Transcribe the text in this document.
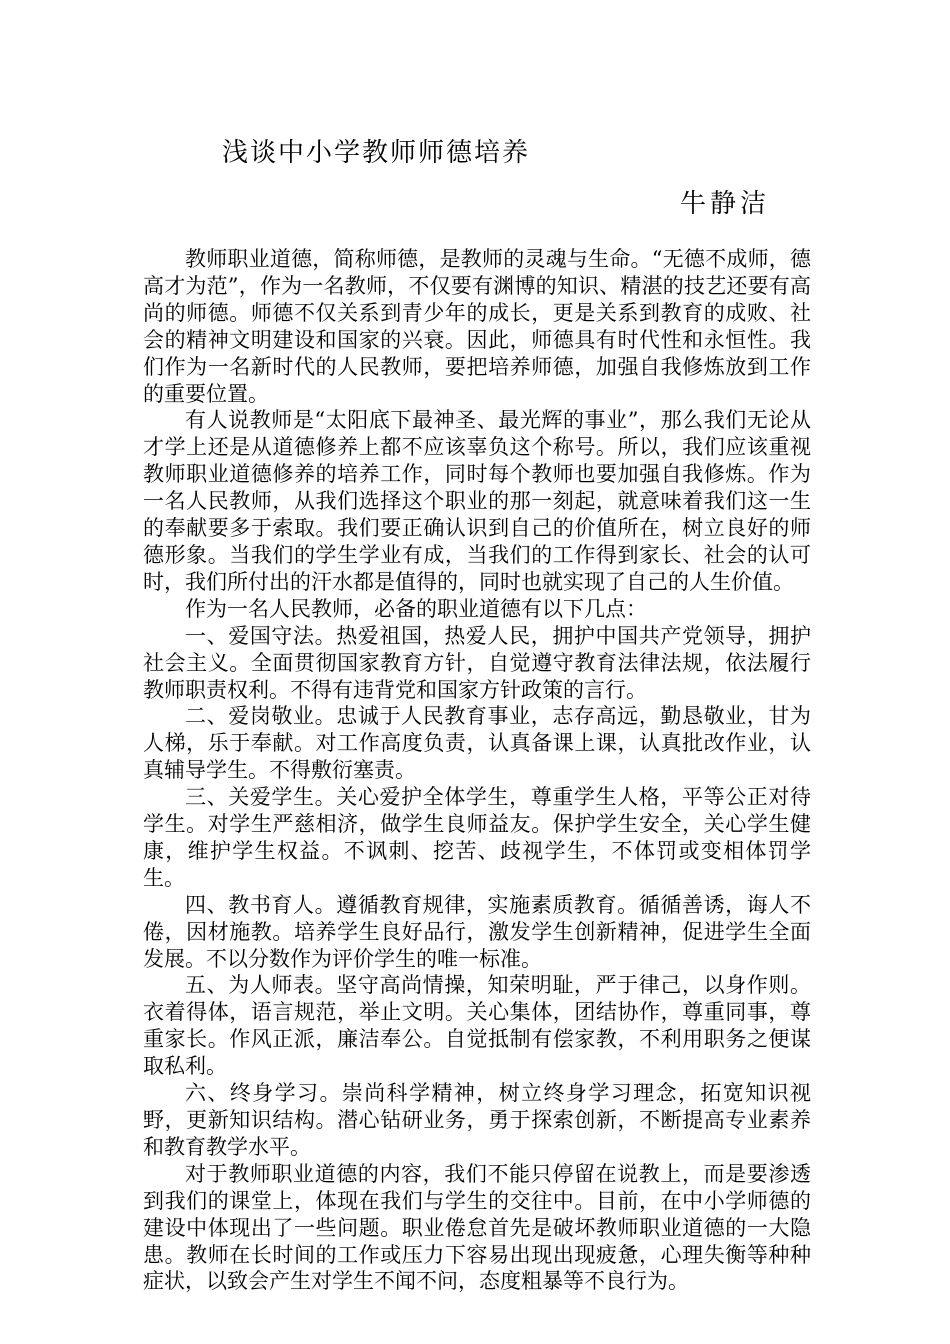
浅谈中小学教师师德培养
牛静洁

教师职业道德，简称师德，是教师的灵魂与生命。“无德不成师，德高才为范”，作为一名教师，不仅要有渊博的知识、精湛的技艺还要有高尚的师德。师德不仅关系到青少年的成长，更是关系到教育的成败、社会的精神文明建设和国家的兴衰。因此，师德具有时代性和永恒性。我们作为一名新时代的人民教师，要把培养师德，加强自我修炼放到工作的重要位置。

有人说教师是“太阳底下最神圣、最光辉的事业”，那么我们无论从才学上还是从道德修养上都不应该辜负这个称号。所以，我们应该重视教师职业道德修养的培养工作，同时每个教师也要加强自我修炼。作为一名人民教师，从我们选择这个职业的那一刻起，就意味着我们这一生的奉献要多于索取。我们要正确认识到自己的价值所在，树立良好的师德形象。当我们的学生学业有成，当我们的工作得到家长、社会的认可时，我们所付出的汗水都是值得的，同时也就实现了自己的人生价值。

作为一名人民教师，必备的职业道德有以下几点：

一、爱国守法。热爱祖国，热爱人民，拥护中国共产党领导，拥护社会主义。全面贯彻国家教育方针，自觉遵守教育法律法规，依法履行教师职责权利。不得有违背党和国家方针政策的言行。

二、爱岗敬业。忠诚于人民教育事业，志存高远，勤恳敬业，甘为人梯，乐于奉献。对工作高度负责，认真备课上课，认真批改作业，认真辅导学生。不得敷衍塞责。

三、关爱学生。关心爱护全体学生，尊重学生人格，平等公正对待学生。对学生严慈相济，做学生良师益友。保护学生安全，关心学生健康，维护学生权益。不讽刺、挖苦、歧视学生，不体罚或变相体罚学生。

四、教书育人。遵循教育规律，实施素质教育。循循善诱，诲人不倦，因材施教。培养学生良好品行，激发学生创新精神，促进学生全面发展。不以分数作为评价学生的唯一标准。

五、为人师表。坚守高尚情操，知荣明耻，严于律己，以身作则。衣着得体，语言规范，举止文明。关心集体，团结协作，尊重同事，尊重家长。作风正派，廉洁奉公。自觉抵制有偿家教，不利用职务之便谋取私利。

六、终身学习。崇尚科学精神，树立终身学习理念，拓宽知识视野，更新知识结构。潜心钻研业务，勇于探索创新，不断提高专业素养和教育教学水平。

对于教师职业道德的内容，我们不能只停留在说教上，而是要渗透到我们的课堂上，体现在我们与学生的交往中。目前，在中小学师德的建设中体现出了一些问题。职业倦怠首先是破坏教师职业道德的一大隐患。教师在长时间的工作或压力下容易出现出现疲惫，心理失衡等种种症状，以致会产生对学生不闻不问，态度粗暴等不良行为。
